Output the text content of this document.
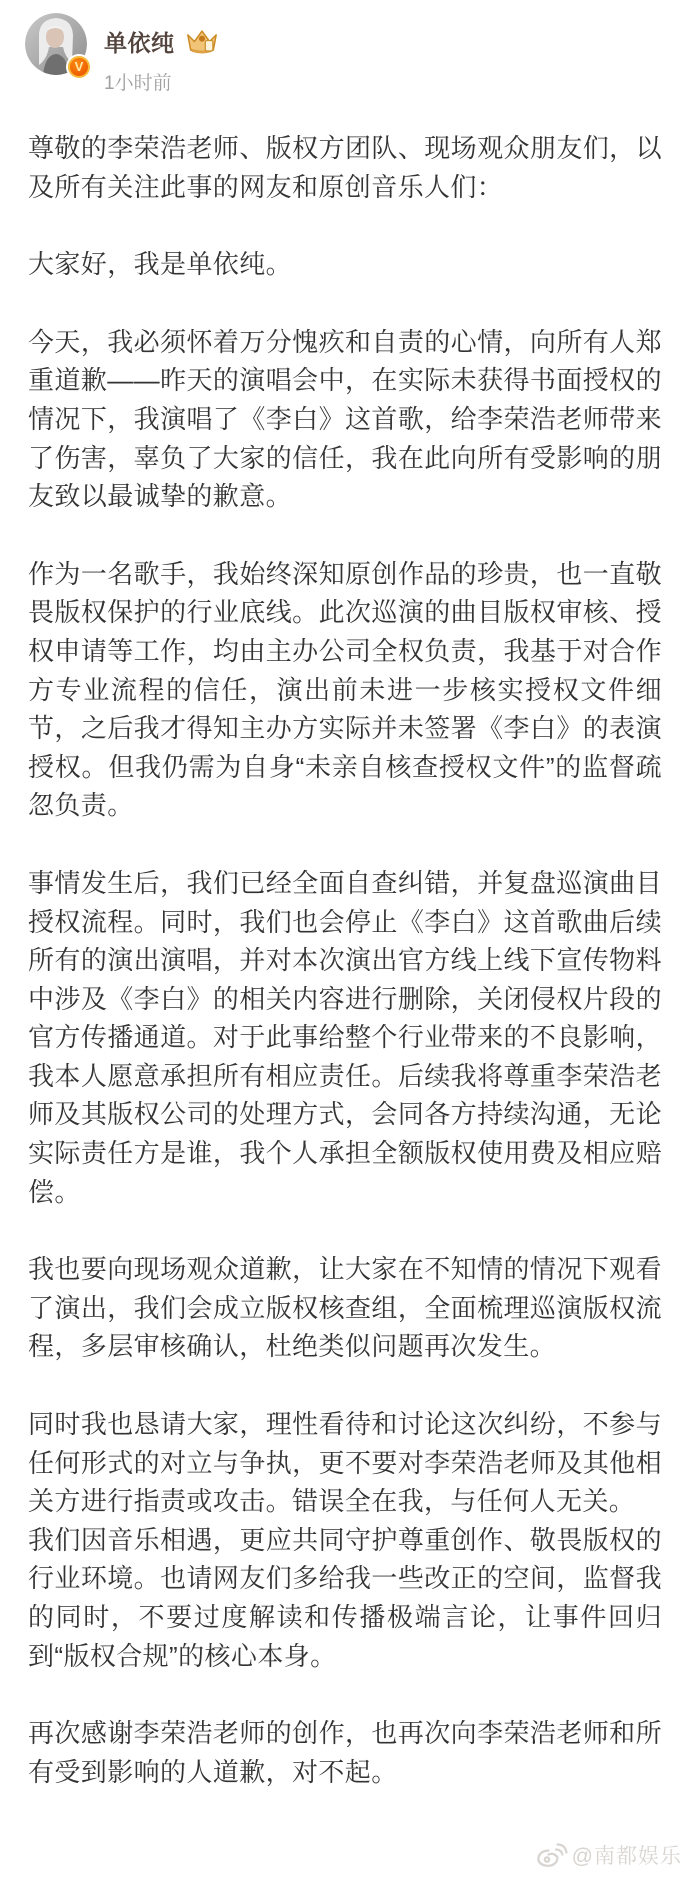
V
单依纯
1小时前

尊敬的李荣浩老师、版权方团队、现场观众朋友们，以及所有关注此事的网友和原创音乐人们：

大家好，我是单依纯。

今天，我必须怀着万分愧疚和自责的心情，向所有人郑重道歉——昨天的演唱会中，在实际未获得书面授权的情况下，我演唱了《李白》这首歌，给李荣浩老师带来了伤害，辜负了大家的信任，我在此向所有受影响的朋友致以最诚挚的歉意。

作为一名歌手，我始终深知原创作品的珍贵，也一直敬畏版权保护的行业底线。此次巡演的曲目版权审核、授权申请等工作，均由主办公司全权负责，我基于对合作方专业流程的信任，演出前未进一步核实授权文件细节，之后我才得知主办方实际并未签署《李白》的表演授权。但我仍需为自身“未亲自核查授权文件”的监督疏忽负责。

事情发生后，我们已经全面自查纠错，并复盘巡演曲目授权流程。同时，我们也会停止《李白》这首歌曲后续所有的演出演唱，并对本次演出官方线上线下宣传物料中涉及《李白》的相关内容进行删除，关闭侵权片段的官方传播通道。对于此事给整个行业带来的不良影响，我本人愿意承担所有相应责任。后续我将尊重李荣浩老师及其版权公司的处理方式，会同各方持续沟通，无论实际责任方是谁，我个人承担全额版权使用费及相应赔偿。

我也要向现场观众道歉，让大家在不知情的情况下观看了演出，我们会成立版权核查组，全面梳理巡演版权流程，多层审核确认，杜绝类似问题再次发生。

同时我也恳请大家，理性看待和讨论这次纠纷，不参与任何形式的对立与争执，更不要对李荣浩老师及其他相关方进行指责或攻击。错误全在我，与任何人无关。

我们因音乐相遇，更应共同守护尊重创作、敬畏版权的行业环境。也请网友们多给我一些改正的空间，监督我的同时，不要过度解读和传播极端言论，让事件回归到“版权合规”的核心本身。

再次感谢李荣浩老师的创作，也再次向李荣浩老师和所有受到影响的人道歉，对不起。

@南都娱乐
